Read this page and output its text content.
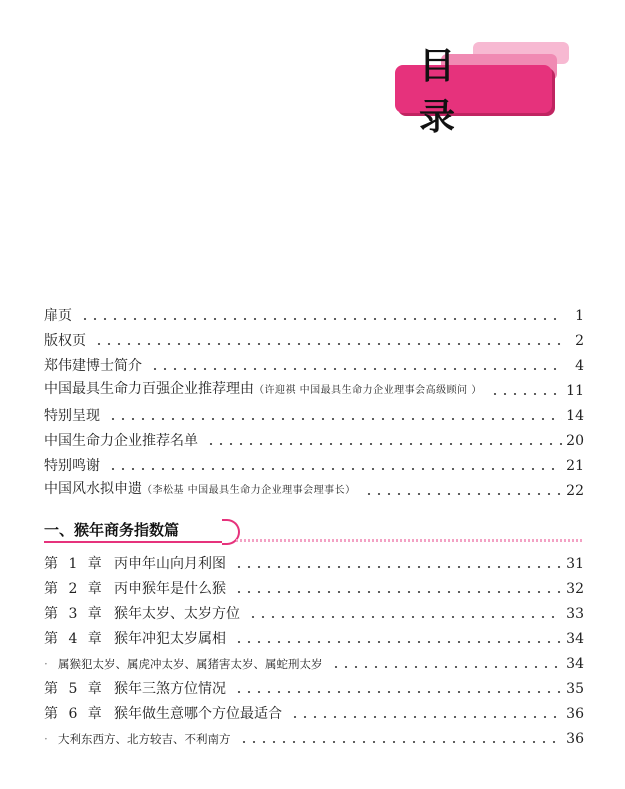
目 录
扉页	1
版权页	2
郑伟建博士简介	4
中国最具生命力百强企业推荐理由（许迎祺 中国最具生命力企业理事会高级顾问 ）	11
特别呈现	14
中国生命力企业推荐名单	20
特别鸣谢	21
中国风水拟申遗（李松基 中国最具生命力企业理事会理事长）	22
一、猴年商务指数篇
第 1 章 丙申年山向月利图	31
第 2 章 丙申猴年是什么猴	32
第 3 章 猴年太岁、太岁方位	33
第 4 章 猴年冲犯太岁属相	34
· 属猴犯太岁、属虎冲太岁、属猪害太岁、属蛇刑太岁	34
第 5 章 猴年三煞方位情况	35
第 6 章 猴年做生意哪个方位最适合	36
· 大利东西方、北方较吉、不利南方	36
